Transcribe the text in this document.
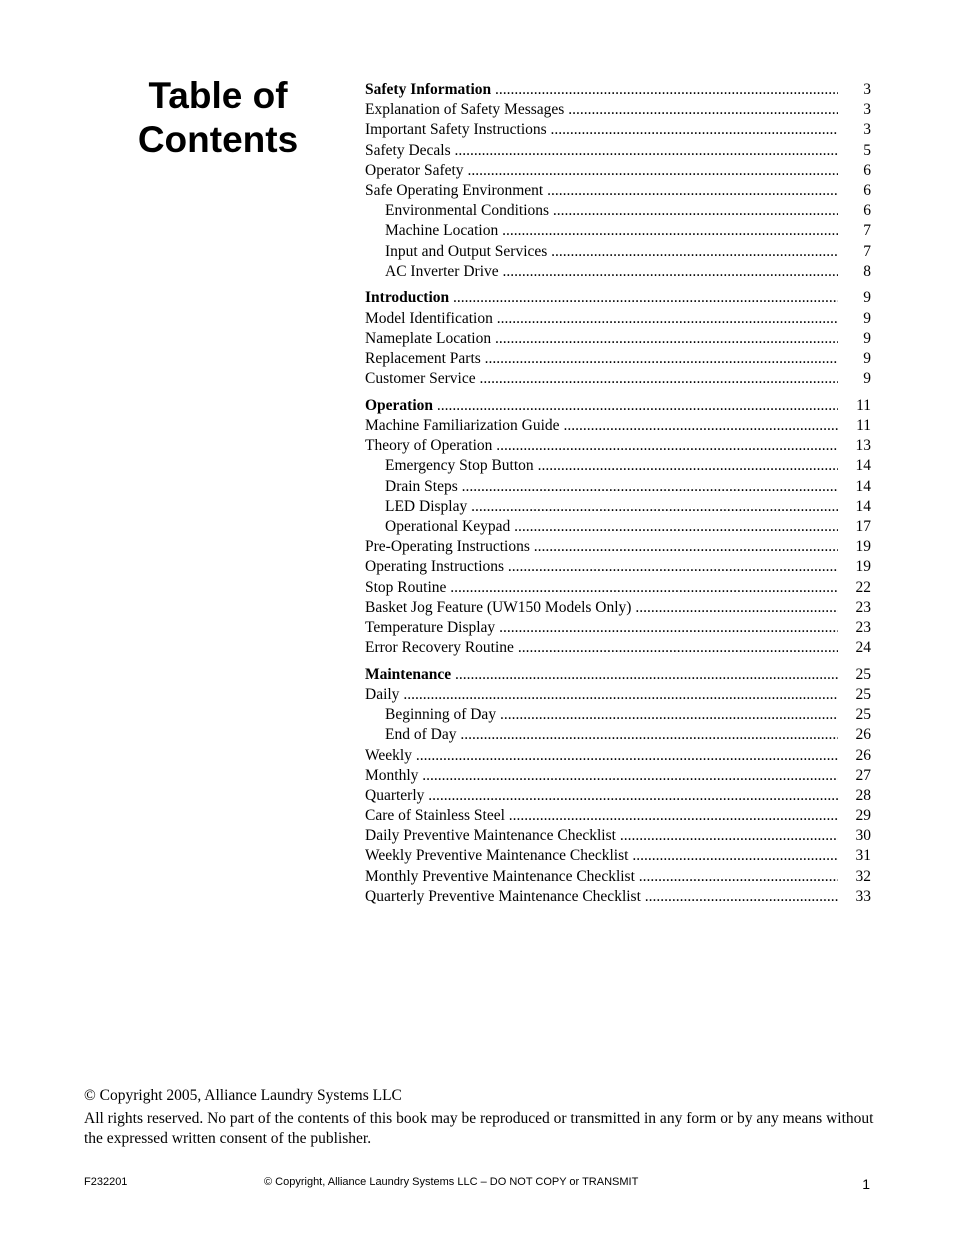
Table of
Contents
Safety Information .....	3
Explanation of Safety Messages .....	3
Important Safety Instructions .....	3
Safety Decals .....	5
Operator Safety .....	6
Safe Operating Environment .....	6
Environmental Conditions .....	6
Machine Location .....	7
Input and Output Services .....	7
AC Inverter Drive .....	8
Introduction .....	9
Model Identification .....	9
Nameplate Location .....	9
Replacement Parts .....	9
Customer Service .....	9
Operation .....	11
Machine Familiarization Guide .....	11
Theory of Operation .....	13
Emergency Stop Button .....	14
Drain Steps .....	14
LED Display .....	14
Operational Keypad .....	17
Pre-Operating Instructions .....	19
Operating Instructions .....	19
Stop Routine .....	22
Basket Jog Feature (UW150 Models Only) .....	23
Temperature Display .....	23
Error Recovery Routine .....	24
Maintenance .....	25
Daily .....	25
Beginning of Day .....	25
End of Day .....	26
Weekly .....	26
Monthly .....	27
Quarterly .....	28
Care of Stainless Steel .....	29
Daily Preventive Maintenance Checklist .....	30
Weekly Preventive Maintenance Checklist .....	31
Monthly Preventive Maintenance Checklist .....	32
Quarterly Preventive Maintenance Checklist .....	33

© Copyright 2005, Alliance Laundry Systems LLC

All rights reserved. No part of the contents of this book may be reproduced or transmitted in any form or by any means without the expressed written consent of the publisher.

F232201	© Copyright, Alliance Laundry Systems LLC – DO NOT COPY or TRANSMIT	1
